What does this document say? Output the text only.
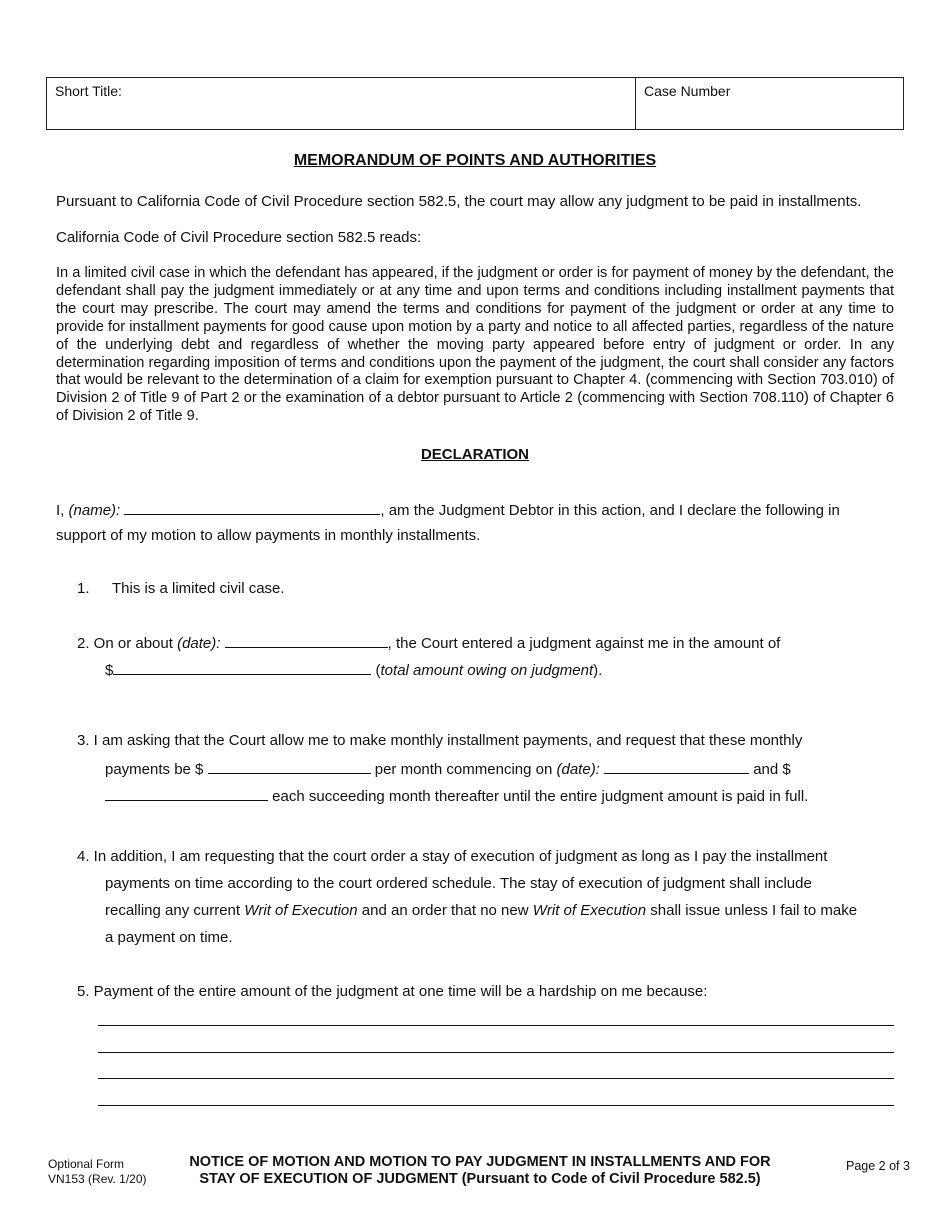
Short Title:	Case Number
MEMORANDUM OF POINTS AND AUTHORITIES
Pursuant to California Code of Civil Procedure section 582.5, the court may allow any judgment to be paid in installments.
California Code of Civil Procedure section 582.5 reads:
In a limited civil case in which the defendant has appeared, if the judgment or order is for payment of money by the defendant, the defendant shall pay the judgment immediately or at any time and upon terms and conditions including installment payments that the court may prescribe. The court may amend the terms and conditions for payment of the judgment or order at any time to provide for installment payments for good cause upon motion by a party and notice to all affected parties, regardless of the nature of the underlying debt and regardless of whether the moving party appeared before entry of judgment or order. In any determination regarding imposition of terms and conditions upon the payment of the judgment, the court shall consider any factors that would be relevant to the determination of a claim for exemption pursuant to Chapter 4. (commencing with Section 703.010) of Division 2 of Title 9 of Part 2 or the examination of a debtor pursuant to Article 2 (commencing with Section 708.110) of Chapter 6 of Division 2 of Title 9.
DECLARATION
I, (name):	, am the Judgment Debtor in this action, and I declare the following in
support of my motion to allow payments in monthly installments.
1. This is a limited civil case.
2. On or about (date):	, the Court entered a judgment against me in the amount of
$	(total amount owing on judgment).
3. I am asking that the Court allow me to make monthly installment payments, and request that these monthly
payments be $	per month commencing on (date):	and $
each succeeding month thereafter until the entire judgment amount is paid in full.
4. In addition, I am requesting that the court order a stay of execution of judgment as long as I pay the installment
payments on time according to the court ordered schedule. The stay of execution of judgment shall include
recalling any current Writ of Execution and an order that no new Writ of Execution shall issue unless I fail to make
a payment on time.
5. Payment of the entire amount of the judgment at one time will be a hardship on me because:
Optional Form
VN153 (Rev. 1/20)
NOTICE OF MOTION AND MOTION TO PAY JUDGMENT IN INSTALLMENTS AND FOR
STAY OF EXECUTION OF JUDGMENT (Pursuant to Code of Civil Procedure 582.5)
Page 2 of 3
